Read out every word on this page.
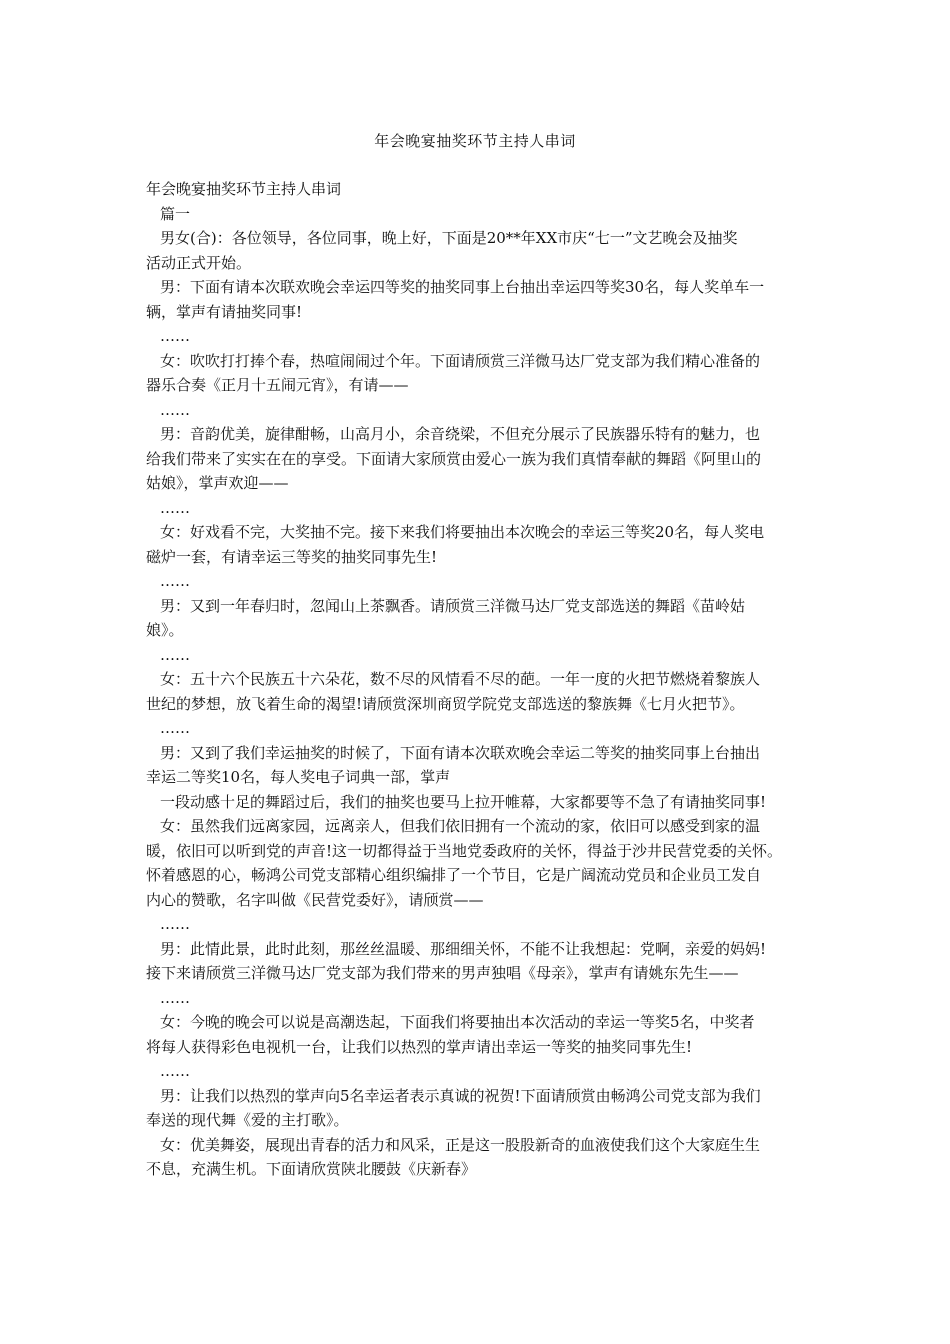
年会晚宴抽奖环节主持人串词
年会晚宴抽奖环节主持人串词
篇一
男女(合)：各位领导，各位同事，晚上好，下面是20**年XX市庆“七一”文艺晚会及抽奖
活动正式开始。
男：下面有请本次联欢晚会幸运四等奖的抽奖同事上台抽出幸运四等奖30名，每人奖单车一
辆，掌声有请抽奖同事!
……
女：吹吹打打捧个春，热喧闹闹过个年。下面请颀赏三洋微马达厂党支部为我们精心准备的
器乐合奏《正月十五闹元宵》，有请——
……
男：音韵优美，旋律酣畅，山高月小，余音绕梁，不但充分展示了民族器乐特有的魅力，也
给我们带来了实实在在的享受。下面请大家颀赏由爱心一族为我们真情奉献的舞蹈《阿里山的
姑娘》，掌声欢迎——
……
女：好戏看不完，大奖抽不完。接下来我们将要抽出本次晚会的幸运三等奖20名，每人奖电
磁炉一套，有请幸运三等奖的抽奖同事先生!
……
男：又到一年春归时，忽闻山上茶飘香。请颀赏三洋微马达厂党支部选送的舞蹈《苗岭姑
娘》。
……
女：五十六个民族五十六朵花，数不尽的风情看不尽的葩。一年一度的火把节燃烧着黎族人
世纪的梦想，放飞着生命的渴望!请颀赏深圳商贸学院党支部选送的黎族舞《七月火把节》。
……
男：又到了我们幸运抽奖的时候了，下面有请本次联欢晚会幸运二等奖的抽奖同事上台抽出
幸运二等奖10名，每人奖电子词典一部，掌声
一段动感十足的舞蹈过后，我们的抽奖也要马上拉开帷幕，大家都要等不急了有请抽奖同事!
女：虽然我们远离家园，远离亲人，但我们依旧拥有一个流动的家，依旧可以感受到家的温
暖，依旧可以听到党的声音!这一切都得益于当地党委政府的关怀，得益于沙井民营党委的关怀。
怀着感恩的心，畅鸿公司党支部精心组织编排了一个节目，它是广阔流动党员和企业员工发自
内心的赞歌，名字叫做《民营党委好》，请颀赏——
……
男：此情此景，此时此刻，那丝丝温暖、那细细关怀，不能不让我想起：党啊，亲爱的妈妈!
接下来请颀赏三洋微马达厂党支部为我们带来的男声独唱《母亲》，掌声有请姚东先生——
……
女：今晚的晚会可以说是高潮迭起，下面我们将要抽出本次活动的幸运一等奖5名，中奖者
将每人获得彩色电视机一台，让我们以热烈的掌声请出幸运一等奖的抽奖同事先生!
……
男：让我们以热烈的掌声向5名幸运者表示真诚的祝贺!下面请颀赏由畅鸿公司党支部为我们
奉送的现代舞《爱的主打歌》。
女：优美舞姿，展现出青春的活力和风采，正是这一股股新奇的血液使我们这个大家庭生生
不息，充满生机。下面请欣赏陕北腰鼓《庆新春》
